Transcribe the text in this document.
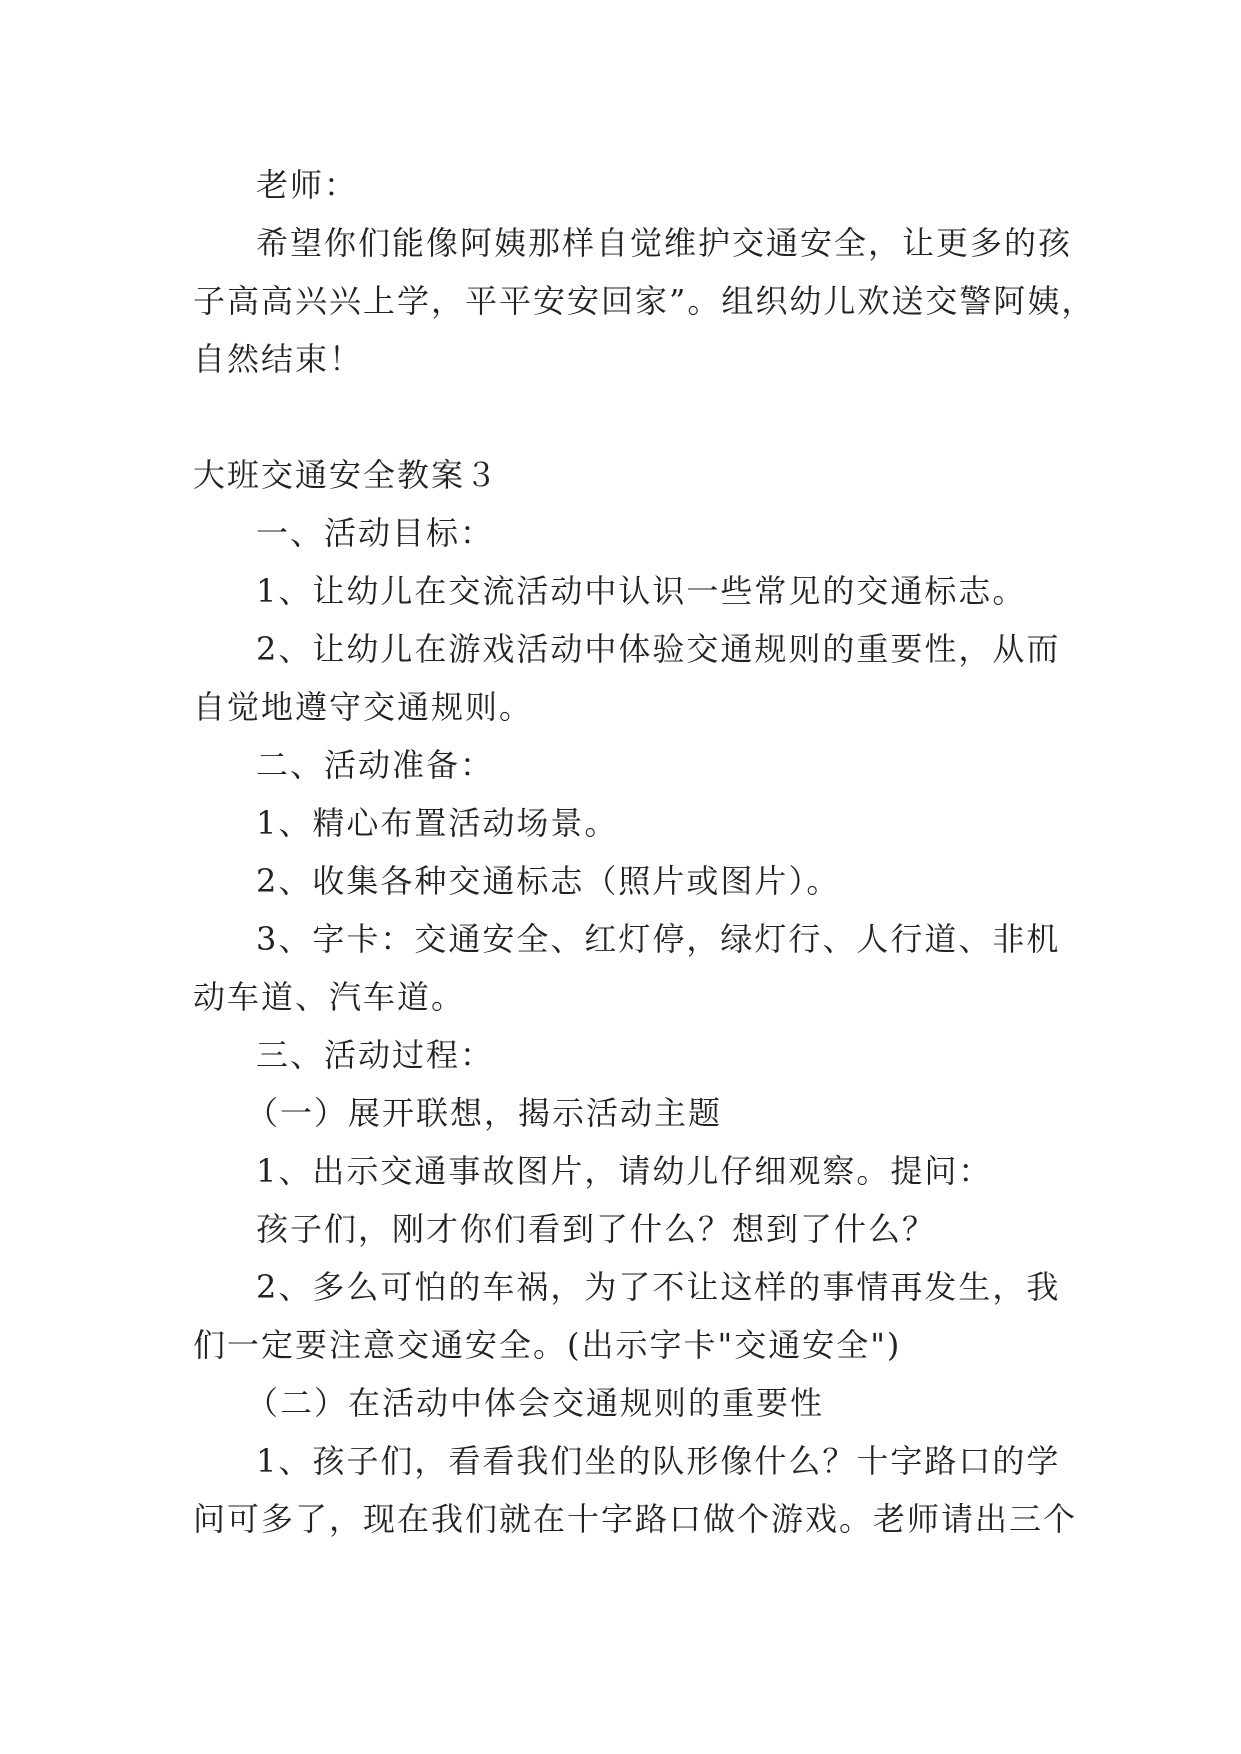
老师：
希望你们能像阿姨那样自觉维护交通安全，让更多的孩
子高高兴兴上学，平平安安回家”。组织幼儿欢送交警阿姨，
自然结束！
大班交通安全教案３
一、活动目标：
1、让幼儿在交流活动中认识一些常见的交通标志。
2、让幼儿在游戏活动中体验交通规则的重要性，从而
自觉地遵守交通规则。
二、活动准备：
1、精心布置活动场景。
2、收集各种交通标志（照片或图片）。
3、字卡：交通安全、红灯停，绿灯行、人行道、非机
动车道、汽车道。
三、活动过程：
（一）展开联想，揭示活动主题
1、出示交通事故图片，请幼儿仔细观察。提问：
孩子们，刚才你们看到了什么？想到了什么？
2、多么可怕的车祸，为了不让这样的事情再发生，我
们一定要注意交通安全。(出示字卡"交通安全")
（二）在活动中体会交通规则的重要性
1、孩子们，看看我们坐的队形像什么？十字路口的学
问可多了，现在我们就在十字路口做个游戏。老师请出三个
